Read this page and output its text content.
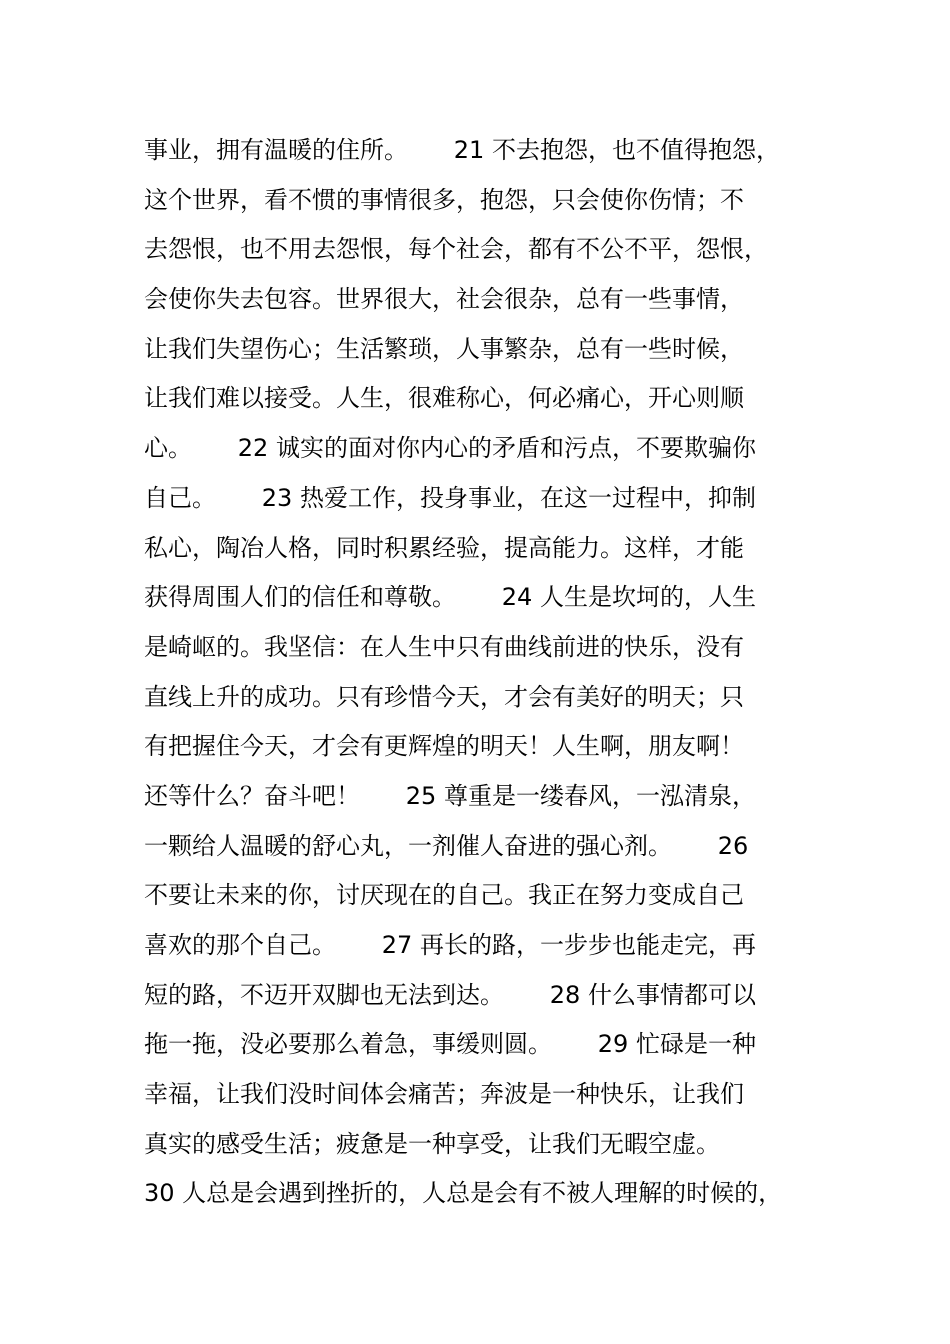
事业，拥有温暖的住所。      21 不去抱怨，也不值得抱怨，
这个世界，看不惯的事情很多，抱怨，只会使你伤情；不
去怨恨，也不用去怨恨，每个社会，都有不公不平，怨恨，
会使你失去包容。世界很大，社会很杂，总有一些事情，
让我们失望伤心；生活繁琐，人事繁杂，总有一些时候，
让我们难以接受。人生，很难称心，何必痛心，开心则顺
心。      22 诚实的面对你内心的矛盾和污点，不要欺骗你
自己。      23 热爱工作，投身事业，在这一过程中，抑制
私心，陶冶人格，同时积累经验，提高能力。这样，才能
获得周围人们的信任和尊敬。      24 人生是坎坷的，人生
是崎岖的。我坚信：在人生中只有曲线前进的快乐，没有
直线上升的成功。只有珍惜今天，才会有美好的明天；只
有把握住今天，才会有更辉煌的明天！人生啊，朋友啊！
还等什么？奋斗吧！      25 尊重是一缕春风，一泓清泉，
一颗给人温暖的舒心丸，一剂催人奋进的强心剂。      26
不要让未来的你，讨厌现在的自己。我正在努力变成自己
喜欢的那个自己。      27 再长的路，一步步也能走完，再
短的路，不迈开双脚也无法到达。      28 什么事情都可以
拖一拖，没必要那么着急，事缓则圆。      29 忙碌是一种
幸福，让我们没时间体会痛苦；奔波是一种快乐，让我们
真实的感受生活；疲惫是一种享受，让我们无暇空虚。
30 人总是会遇到挫折的，人总是会有不被人理解的时候的，
